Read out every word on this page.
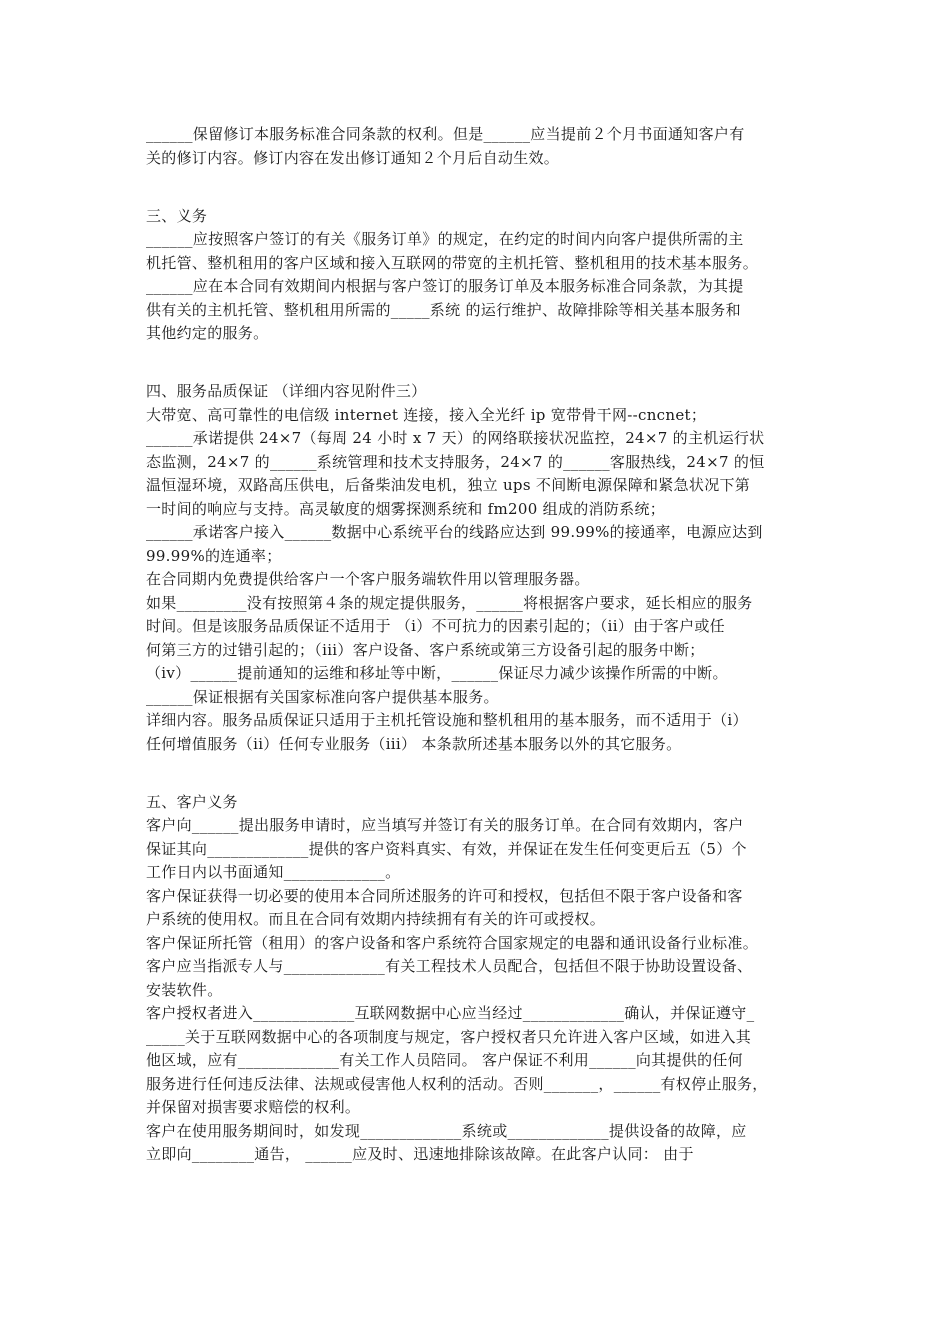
______保留修订本服务标准合同条款的权利。但是______应当提前２个月书面通知客户有
关的修订内容。修订内容在发出修订通知２个月后自动生效。
三、义务
______应按照客户签订的有关《服务订单》的规定，在约定的时间内向客户提供所需的主
机托管、整机租用的客户区域和接入互联网的带宽的主机托管、整机租用的技术基本服务。
______应在本合同有效期间内根据与客户签订的服务订单及本服务标准合同条款，为其提
供有关的主机托管、整机租用所需的_____系统 的运行维护、故障排除等相关基本服务和
其他约定的服务。
四、服务品质保证 （详细内容见附件三）
大带宽、高可靠性的电信级 internet 连接，接入全光纤 ip 宽带骨干网--cncnet；
______承诺提供 24×7（每周 24 小时 x 7 天）的网络联接状况监控，24×7 的主机运行状
态监测，24×7 的______系统管理和技术支持服务，24×7 的______客服热线，24×7 的恒
温恒湿环境，双路高压供电，后备柴油发电机，独立 ups 不间断电源保障和紧急状况下第
一时间的响应与支持。高灵敏度的烟雾探测系统和 fm200 组成的消防系统；
______承诺客户接入______数据中心系统平台的线路应达到 99.99%的接通率，电源应达到
99.99%的连通率；
在合同期内免费提供给客户一个客户服务端软件用以管理服务器。
如果_________没有按照第４条的规定提供服务，______将根据客户要求，延长相应的服务
时间。但是该服务品质保证不适用于 （i）不可抗力的因素引起的；（ii）由于客户或任
何第三方的过错引起的；（iii）客户设备、客户系统或第三方设备引起的服务中断；
（iv）______提前通知的运维和移址等中断，______保证尽力减少该操作所需的中断。
______保证根据有关国家标准向客户提供基本服务。
详细内容。服务品质保证只适用于主机托管设施和整机租用的基本服务，而不适用于（i）
任何增值服务（ii）任何专业服务（iii） 本条款所述基本服务以外的其它服务。
五、客户义务
客户向______提出服务申请时，应当填写并签订有关的服务订单。在合同有效期内，客户
保证其向_____________提供的客户资料真实、有效，并保证在发生任何变更后五（5）个
工作日内以书面通知_____________。
客户保证获得一切必要的使用本合同所述服务的许可和授权，包括但不限于客户设备和客
户系统的使用权。而且在合同有效期内持续拥有有关的许可或授权。
客户保证所托管（租用）的客户设备和客户系统符合国家规定的电器和通讯设备行业标准。
客户应当指派专人与_____________有关工程技术人员配合，包括但不限于协助设置设备、
安装软件。
客户授权者进入_____________互联网数据中心应当经过_____________确认，并保证遵守_
_____关于互联网数据中心的各项制度与规定，客户授权者只允许进入客户区域，如进入其
他区域，应有_____________有关工作人员陪同。 客户保证不利用______向其提供的任何
服务进行任何违反法律、法规或侵害他人权利的活动。否则_______，______有权停止服务，
并保留对损害要求赔偿的权利。
客户在使用服务期间时，如发现_____________系统或_____________提供设备的故障，应
立即向________通告， ______应及时、迅速地排除该故障。在此客户认同： 由于
